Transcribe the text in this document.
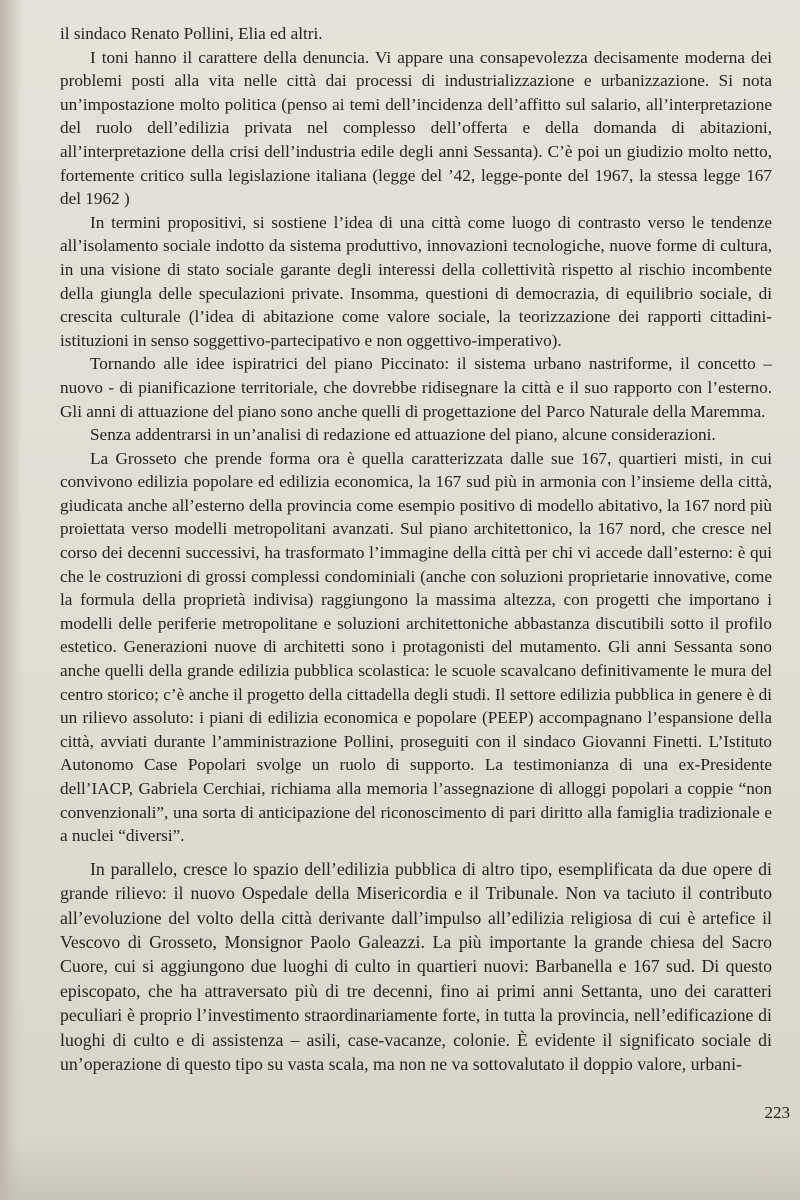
il sindaco Renato Pollini, Elia ed altri.

I toni hanno il carattere della denuncia. Vi appare una consapevolezza decisamente moderna dei problemi posti alla vita nelle città dai processi di industrializzazione e urbanizzazione. Si nota un’impostazione molto politica (penso ai temi dell’incidenza dell’affitto sul salario, all’interpretazione del ruolo dell’edilizia privata nel complesso dell’offerta e della domanda di abitazioni, all’interpretazione della crisi dell’industria edile degli anni Sessanta). C’è poi un giudizio molto netto, fortemente critico sulla legislazione italiana (legge del ’42, legge-ponte del 1967, la stessa legge 167 del 1962 )

In termini propositivi, si sostiene l’idea di una città come luogo di contrasto verso le tendenze all’isolamento sociale indotto da sistema produttivo, innovazioni tecnologiche, nuove forme di cultura, in una visione di stato sociale garante degli interessi della collettività rispetto al rischio incombente della giungla delle speculazioni private. Insomma, questioni di democrazia, di equilibrio sociale, di crescita culturale (l’idea di abitazione come valore sociale, la teorizzazione dei rapporti cittadini-istituzioni in senso soggettivo-partecipativo e non oggettivo-imperativo).

Tornando alle idee ispiratrici del piano Piccinato: il sistema urbano nastriforme, il concetto – nuovo - di pianificazione territoriale, che dovrebbe ridisegnare la città e il suo rapporto con l’esterno. Gli anni di attuazione del piano sono anche quelli di progettazione del Parco Naturale della Maremma.

Senza addentrarsi in un’analisi di redazione ed attuazione del piano, alcune considerazioni.

La Grosseto che prende forma ora è quella caratterizzata dalle sue 167, quartieri misti, in cui convivono edilizia popolare ed edilizia economica, la 167 sud più in armonia con l’insieme della città, giudicata anche all’esterno della provincia come esempio positivo di modello abitativo, la 167 nord più proiettata verso modelli metropolitani avanzati. Sul piano architettonico, la 167 nord, che cresce nel corso dei decenni successivi, ha trasformato l’immagine della città per chi vi accede dall’esterno: è qui che le costruzioni di grossi complessi condominiali (anche con soluzioni proprietarie innovative, come la formula della proprietà indivisa) raggiungono la massima altezza, con progetti che importano i modelli delle periferie metropolitane e soluzioni architettoniche abbastanza discutibili sotto il profilo estetico. Generazioni nuove di architetti sono i protagonisti del mutamento. Gli anni Sessanta sono anche quelli della grande edilizia pubblica scolastica: le scuole scavalcano definitivamente le mura del centro storico; c’è anche il progetto della cittadella degli studi. Il settore edilizia pubblica in genere è di un rilievo assoluto: i piani di edilizia economica e popolare (PEEP) accompagnano l’espansione della città, avviati durante l’amministrazione Pollini, proseguiti con il sindaco Giovanni Finetti. L’Istituto Autonomo Case Popolari svolge un ruolo di supporto. La testimonianza di una ex-Presidente dell’IACP, Gabriela Cerchiai, richiama alla memoria l’assegnazione di alloggi popolari a coppie “non convenzionali”, una sorta di anticipazione del riconoscimento di pari diritto alla famiglia tradizionale e a nuclei “diversi”.

In parallelo, cresce lo spazio dell’edilizia pubblica di altro tipo, esemplificata da due opere di grande rilievo: il nuovo Ospedale della Misericordia e il Tribunale. Non va taciuto il contributo all’evoluzione del volto della città derivante dall’impulso all’edilizia religiosa di cui è artefice il Vescovo di Grosseto, Monsignor Paolo Galeazzi. La più importante la grande chiesa del Sacro Cuore, cui si aggiungono due luoghi di culto in quartieri nuovi: Barbanella e 167 sud. Di questo episcopato, che ha attraversato più di tre decenni, fino ai primi anni Settanta, uno dei caratteri peculiari è proprio l’investimento straordinariamente forte, in tutta la provincia, nell’edificazione di luoghi di culto e di assistenza – asili, case-vacanze, colonie. È evidente il significato sociale di un’operazione di questo tipo su vasta scala, ma non ne va sottovalutato il doppio valore, urbani-

223
